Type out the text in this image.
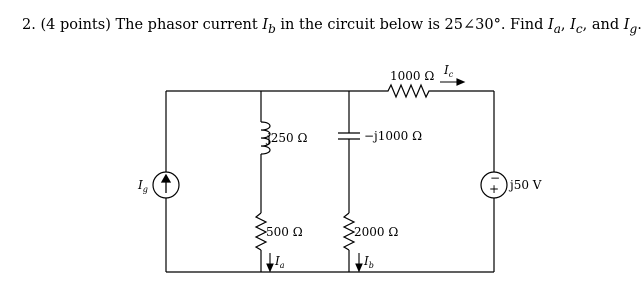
2. (4 points) The phasor current $I_b$ in the circuit below is 25∠30°. Find $I_a$, $I_c$, and $I_g$.
−
+
1000 Ω $I_c$
j250 Ω	−j1000 Ω
500 Ω	2000 Ω
$I_g$	j50 V
$I_a$	$I_b$
